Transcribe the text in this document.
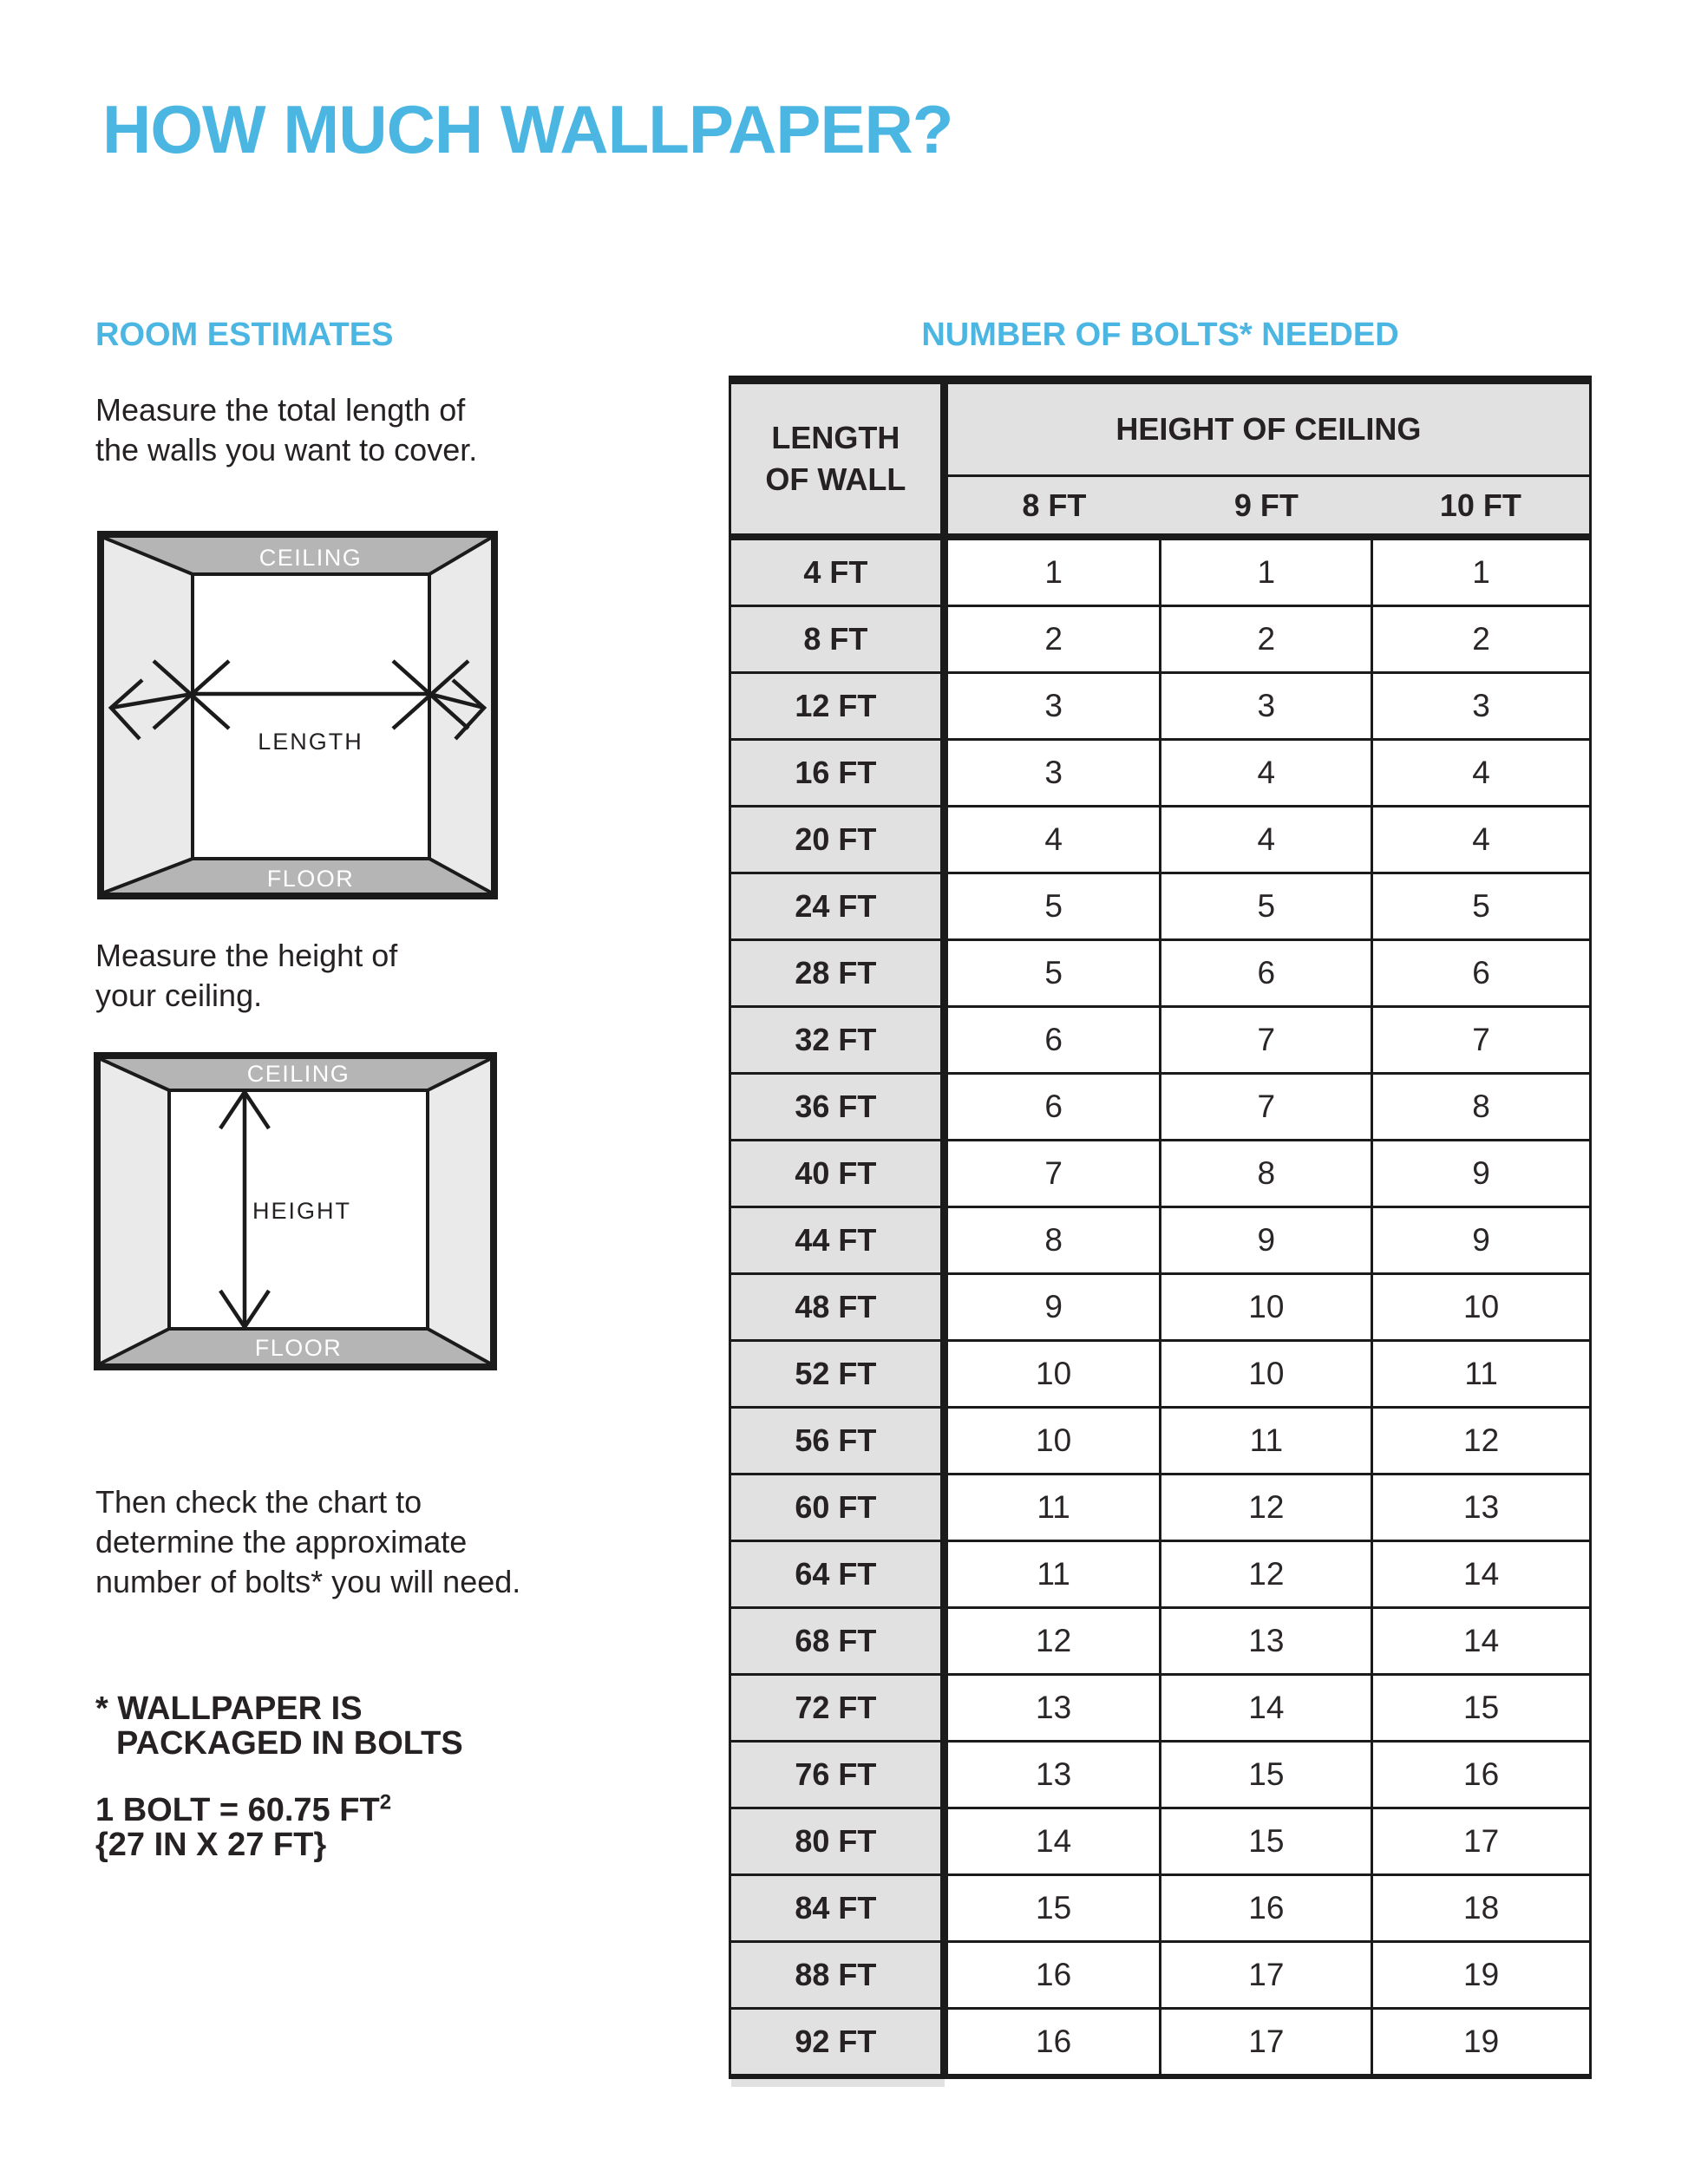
HOW MUCH WALLPAPER?
ROOM ESTIMATES
Measure the total length of
the walls you want to cover.
CEILING
LENGTH
FLOOR
Measure the height of
your ceiling.
CEILING
HEIGHT
FLOOR
Then check the chart to
determine the approximate
number of bolts* you will need.
* WALLPAPER IS
PACKAGED IN BOLTS
1 BOLT = 60.75 $FT^2$
{27 IN X 27 FT}
NUMBER OF BOLTS* NEEDED
LENGTH
OF WALL	HEIGHT OF CEILING		
	8 FT	9 FT	10 FT
4 FT	1	1	1
8 FT	2	2	2
12 FT	3	3	3
16 FT	3	4	4
20 FT	4	4	4
24 FT	5	5	5
28 FT	5	6	6
32 FT	6	7	7
36 FT	6	7	8
40 FT	7	8	9
44 FT	8	9	9
48 FT	9	10	10
52 FT	10	10	11
56 FT	10	11	12
60 FT	11	12	13
64 FT	11	12	14
68 FT	12	13	14
72 FT	13	14	15
76 FT	13	15	16
80 FT	14	15	17
84 FT	15	16	18
88 FT	16	17	19
92 FT	16	17	19
